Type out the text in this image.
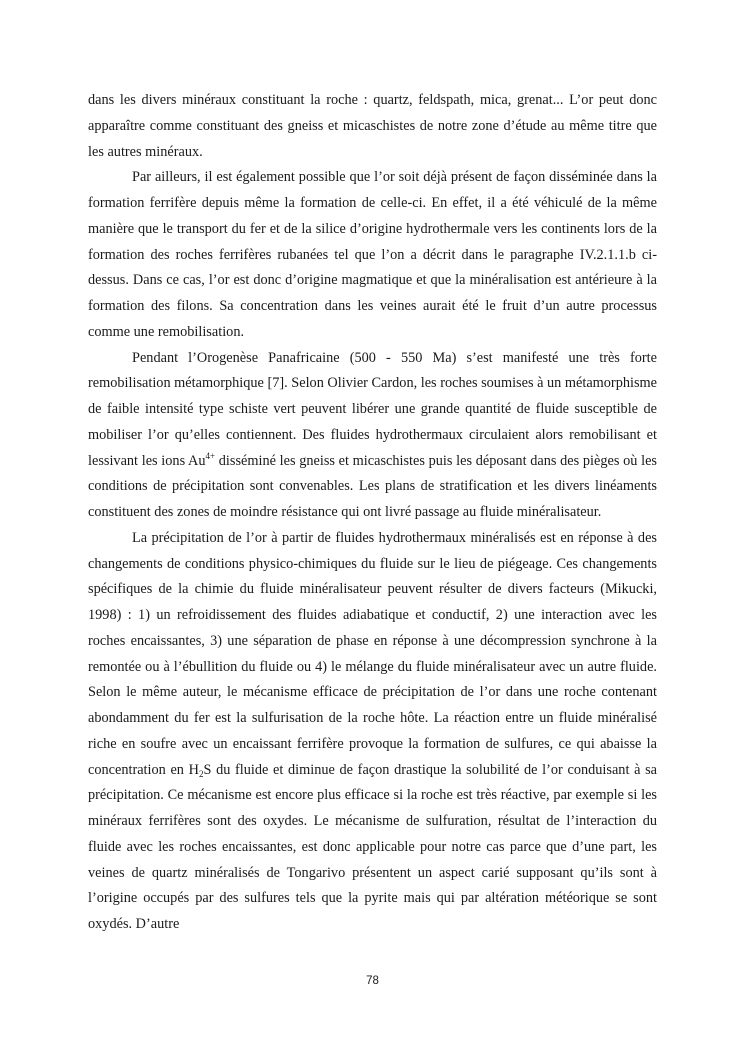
dans les divers minéraux constituant la roche : quartz, feldspath, mica, grenat... L’or peut donc apparaître comme constituant des gneiss et micaschistes de notre zone d’étude au même titre que les autres minéraux.

Par ailleurs, il est également possible que l’or soit déjà présent de façon disséminée dans la formation ferrifère depuis même la formation de celle-ci. En effet, il a été véhiculé de la même manière que le transport du fer et de la silice d’origine hydrothermale vers les continents lors de la formation des roches ferrifères rubanées tel que l’on a décrit dans le paragraphe IV.2.1.1.b ci-dessus. Dans ce cas, l’or est donc d’origine magmatique et que la minéralisation est antérieure à la formation des filons. Sa concentration dans les veines aurait été le fruit d’un autre processus comme une remobilisation.

Pendant l’Orogenèse Panafricaine (500 - 550 Ma) s’est manifesté une très forte remobilisation métamorphique [7]. Selon Olivier Cardon, les roches soumises à un métamorphisme de faible intensité type schiste vert peuvent libérer une grande quantité de fluide susceptible de mobiliser l’or qu’elles contiennent. Des fluides hydrothermaux circulaient alors remobilisant et lessivant les ions $Au^{4+}$ disséminé les gneiss et micaschistes puis les déposant dans des pièges où les conditions de précipitation sont convenables. Les plans de stratification et les divers linéaments constituent des zones de moindre résistance qui ont livré passage au fluide minéralisateur.

La précipitation de l’or à partir de fluides hydrothermaux minéralisés est en réponse à des changements de conditions physico-chimiques du fluide sur le lieu de piégeage. Ces changements spécifiques de la chimie du fluide minéralisateur peuvent résulter de divers facteurs (Mikucki, 1998) : 1) un refroidissement des fluides adiabatique et conductif, 2) une interaction avec les roches encaissantes, 3) une séparation de phase en réponse à une décompression synchrone à la remontée ou à l’ébullition du fluide ou 4) le mélange du fluide minéralisateur avec un autre fluide. Selon le même auteur, le mécanisme efficace de précipitation de l’or dans une roche contenant abondamment du fer est la sulfurisation de la roche hôte. La réaction entre un fluide minéralisé riche en soufre avec un encaissant ferrifère provoque la formation de sulfures, ce qui abaisse la concentration en $H_2S$ du fluide et diminue de façon drastique la solubilité de l’or conduisant à sa précipitation. Ce mécanisme est encore plus efficace si la roche est très réactive, par exemple si les minéraux ferrifères sont des oxydes. Le mécanisme de sulfuration, résultat de l’interaction du fluide avec les roches encaissantes, est donc applicable pour notre cas parce que d’une part, les veines de quartz minéralisés de Tongarivo présentent un aspect carié supposant qu’ils sont à l’origine occupés par des sulfures tels que la pyrite mais qui par altération météorique se sont oxydés. D’autre

78
